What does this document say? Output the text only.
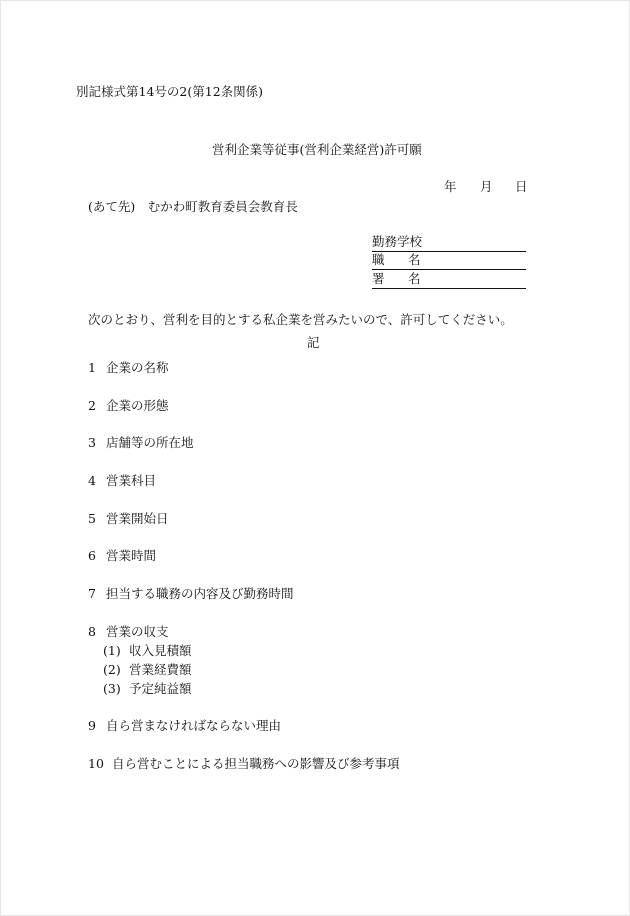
別記様式第14号の2(第12条関係)
営利企業等従事(営利企業経営)許可願
年 月 日
(あて先)　むかわ町教育委員会教育長
勤務学校
職 名
署 名
次のとおり、営利を目的とする私企業を営みたいので、許可してください。
記
1 企業の名称
2 企業の形態
3 店舗等の所在地
4 営業科目
5 営業開始日
6 営業時間
7 担当する職務の内容及び勤務時間
8 営業の収支
(1) 収入見積額
(2) 営業経費額
(3) 予定純益額
9 自ら営まなければならない理由
10 自ら営むことによる担当職務への影響及び参考事項
